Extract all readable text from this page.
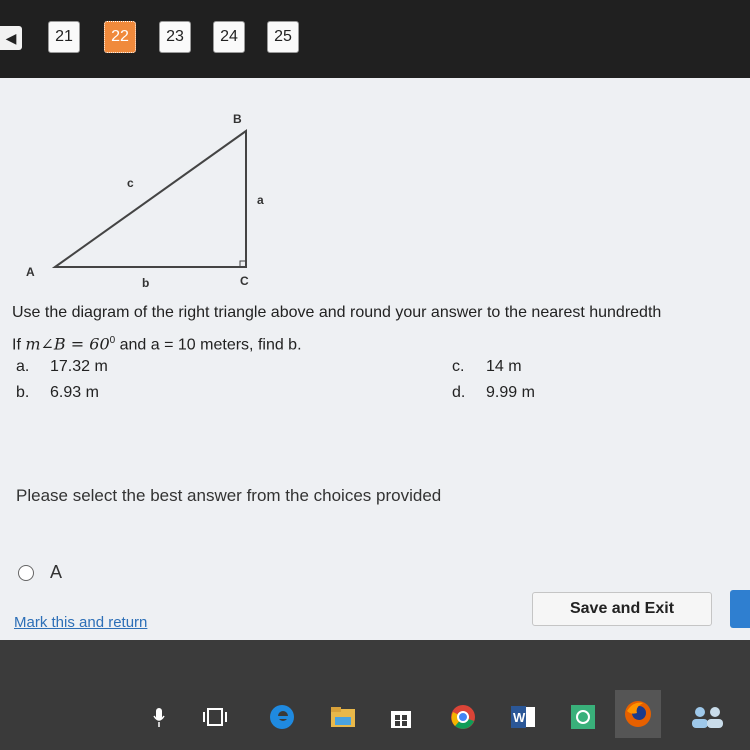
◀	21	22	23	24	25
A
B
C
a
b
c
Use the diagram of the right triangle above and round your answer to the nearest hundredth
If m∠B = $60^0$ and a = 10 meters, find b.
a. 17.32 m
b. 6.93 m
c. 14 m
d. 9.99 m
Please select the best answer from the choices provided
A
Mark this and return
Save and Exit
W
